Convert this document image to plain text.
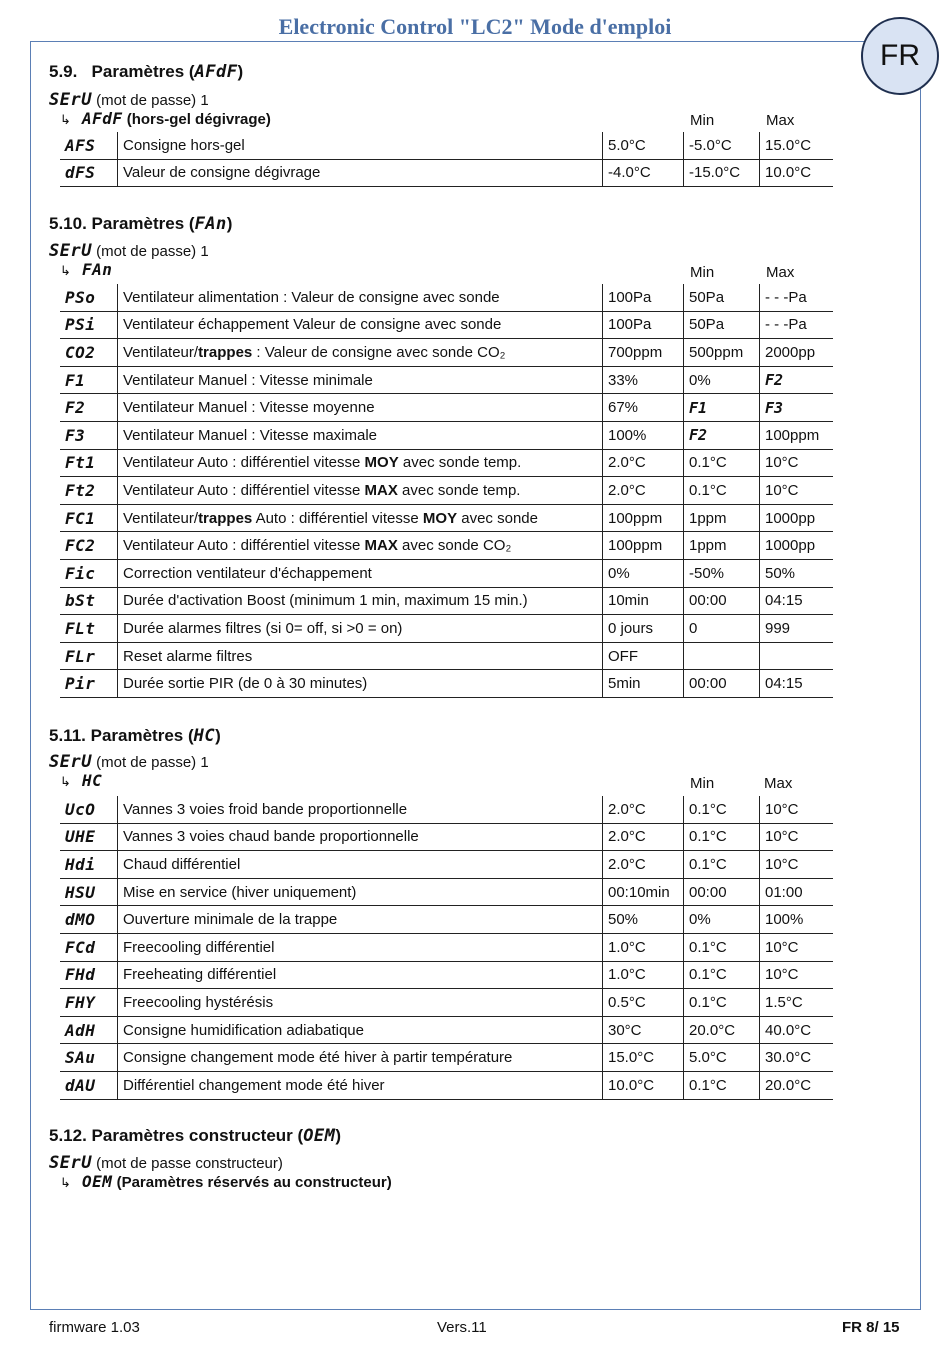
Electronic Control "LC2" Mode d'emploi
FR
5.9. Paramètres (AFdF)
SErU (mot de passe) 1
↳ AFdF (hors-gel dégivrage)	Min	Max
AFS	Consigne hors-gel	5.0°C	-5.0°C	15.0°C
dFS	Valeur de consigne dégivrage	-4.0°C	-15.0°C	10.0°C
5.10. Paramètres (FAn)
SErU (mot de passe) 1
↳ FAn	Min	Max
PSo	Ventilateur alimentation : Valeur de consigne avec sonde	100Pa	50Pa	- - -Pa
PSi	Ventilateur échappement Valeur de consigne avec sonde	100Pa	50Pa	- - -Pa
CO2	Ventilateur/trappes : Valeur de consigne avec sonde CO₂	700ppm	500ppm	2000pp
F1	Ventilateur Manuel : Vitesse minimale	33%	0%	F2
F2	Ventilateur Manuel : Vitesse moyenne	67%	F1	F3
F3	Ventilateur Manuel : Vitesse maximale	100%	F2	100ppm
Ft1	Ventilateur Auto : différentiel vitesse MOY avec sonde temp.	2.0°C	0.1°C	10°C
Ft2	Ventilateur Auto : différentiel vitesse MAX avec sonde temp.	2.0°C	0.1°C	10°C
FC1	Ventilateur/trappes Auto : différentiel vitesse MOY avec sonde	100ppm	1ppm	1000pp
FC2	Ventilateur Auto : différentiel vitesse MAX avec sonde CO₂	100ppm	1ppm	1000pp
Fic	Correction ventilateur d'échappement	0%	-50%	50%
bSt	Durée d'activation Boost (minimum 1 min, maximum 15 min.)	10min	00:00	04:15
FLt	Durée alarmes filtres (si 0= off, si >0 = on)	0 jours	0	999
FLr	Reset alarme filtres	OFF		
Pir	Durée sortie PIR (de 0 à 30 minutes)	5min	00:00	04:15
5.11. Paramètres (HC)
SErU (mot de passe) 1
↳ HC	Min	Max
UcO	Vannes 3 voies froid bande proportionnelle	2.0°C	0.1°C	10°C
UHE	Vannes 3 voies chaud bande proportionnelle	2.0°C	0.1°C	10°C
Hdi	Chaud différentiel	2.0°C	0.1°C	10°C
HSU	Mise en service (hiver uniquement)	00:10min	00:00	01:00
dMO	Ouverture minimale de la trappe	50%	0%	100%
FCd	Freecooling différentiel	1.0°C	0.1°C	10°C
FHd	Freeheating différentiel	1.0°C	0.1°C	10°C
FHY	Freecooling hystérésis	0.5°C	0.1°C	1.5°C
AdH	Consigne humidification adiabatique	30°C	20.0°C	40.0°C
SAu	Consigne changement mode été hiver à partir température	15.0°C	5.0°C	30.0°C
dAU	Différentiel changement mode été hiver	10.0°C	0.1°C	20.0°C
5.12. Paramètres constructeur (OEM)
SErU (mot de passe constructeur)
↳ OEM (Paramètres réservés au constructeur)
firmware 1.03	Vers.11	FR 8/ 15
